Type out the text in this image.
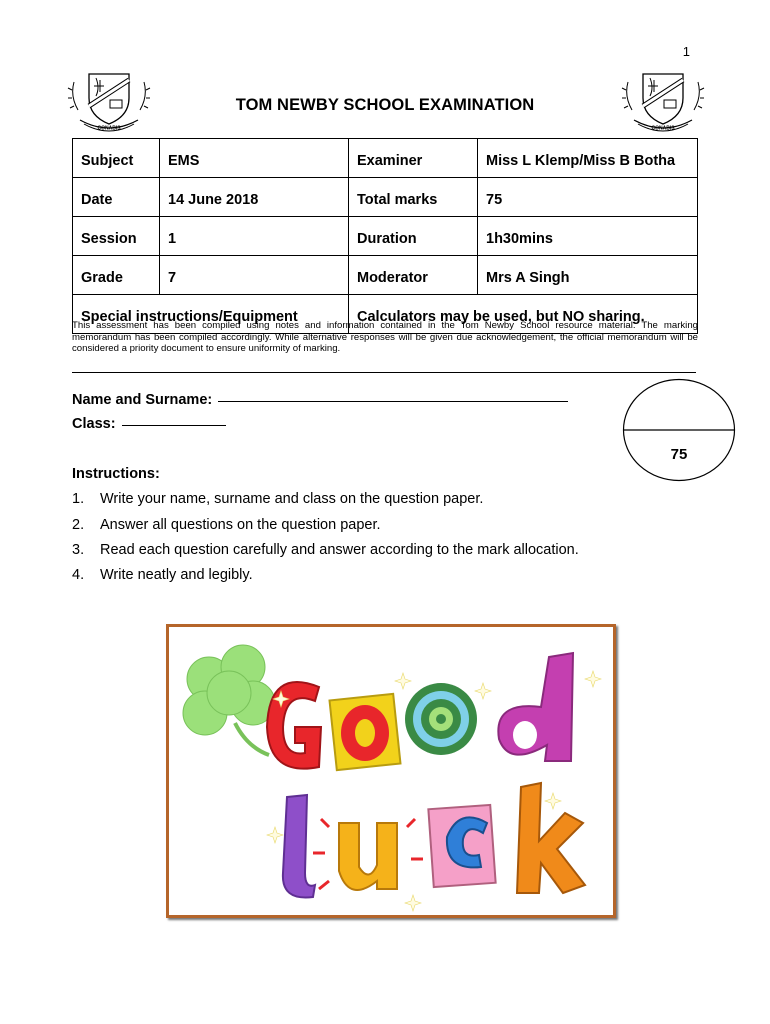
1
CONABIS	CONABIS
TOM NEWBY SCHOOL EXAMINATION
Subject	EMS	Examiner	Miss L Klemp/Miss B Botha
Date	14 June 2018	Total marks	75
Session	1	Duration	1h30mins
Grade	7	Moderator	Mrs A Singh
Special instructions/Equipment		Calculators may be used, but NO sharing.	
This assessment has been compiled using notes and information contained in the Tom Newby School resource material. The marking memorandum has been compiled accordingly. While alternative responses will be given due acknowledgement, the official memorandum will be considered a priority document to ensure uniformity of marking.
Name and Surname:
Class:
75
Instructions:
1. Write your name, surname and class on the question paper.
2. Answer all questions on the question paper.
3. Read each question carefully and answer according to the mark allocation.
4. Write neatly and legibly.
